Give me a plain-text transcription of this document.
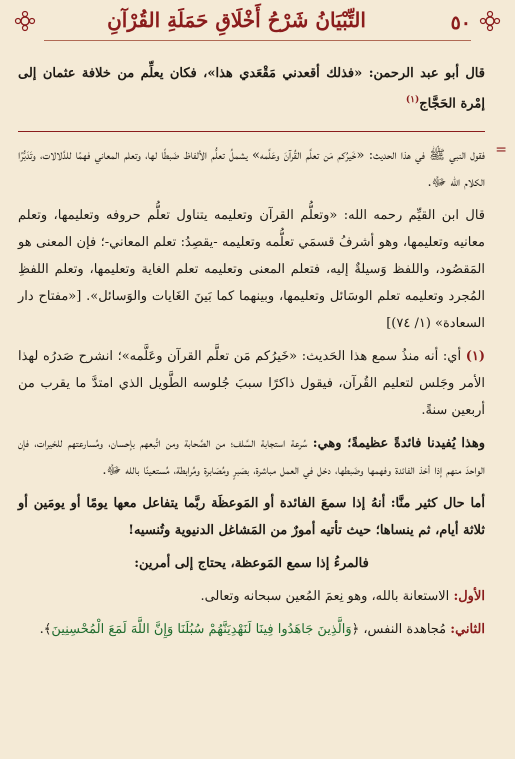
٥٠
التِّبْيَانُ شَرْحُ أَخْلَاقِ حَمَلَةِ القُرْآنِ

قال أبو عبد الرحمن: «فذلك أقعدني مَقْعَدي هذا»، فكان يعلِّم من خلافة عثمان إلى إمْرة الحَجَّاج$^{(١)}$

=

فقول النبي ﷺ في هذا الحديث: «خَيرُكم مَن تعلَّم القُرآنَ وعَلَّمه» يشملُ تعلُّم الألفاظ ضَبطًا لها، وتعلم المعاني فهمًا للدَّلالات، وتَدَبُّرًا الكلام الله ﷻ.

قال ابن القيِّم رحمه الله: «وتعلُّم القرآن وتعليمه يتناول تعلُّم حروفه وتعليمها، وتعلم معانيه وتعليمها، وهو أشرفُ قسمَي تعلُّمه وتعليمه -يقصِدُ: تعلم المعاني-؛ فإن المعنى هو المَقصُود، واللفظ وَسيلةٌ إليه، فتعلم المعنى وتعليمه تعلم الغاية وتعليمها، وتعلم اللفظِ المُجرد وتعليمه تعلم الوسَائل وتعليمها، وبينهما كما بَينَ الغَايات والوَسائل». [«مفتاح دار السعادة» (١/ ٧٤)]

(١) أي: أنه منذُ سمع هذا الحَديث: «خَيرُكم مَن تعلَّم القرآن وعَلَّمه»؛ انشرح صَدرُه لهذا الأمر وجَلس لتعليم القُرآن، فيقول ذاكرًا سببَ جُلوسه الطَّويل الذي امتدَّ ما يقرب من أربعين سنةً.

وهذا يُفيدنا فائدةً عظيمةً؛ وهي: سُرعة استجابة السَّلف؛ من الصَّحابة ومن اتَّبعهم بإحسان، ومُسارعتهم للخيرات، فإن الواحدَ منهم إذا أخذ الفائدة وفهمها وضَبطها، دخل في العمل مباشرة، بصَبرٍ ومُصَابرة ومُرابطة، مُستعينًا بالله ﷻ.

أما حال كثير منَّا: أنهُ إذا سمعَ الفائدة أو المَوعظَة ربَّما يتفاعل معها يومًا أو يومَين أو ثلاثة أيام، ثم ينساها؛ حيث تأتيه أمورٌ من المَشاغل الدنيوية وتُنسيه!

فالمرءُ إذا سمع المَوعظة، يحتاج إلى أمرين:

الأول: الاستعانة بالله، وهو نِعمَ المُعين سبحانه وتعالى.

الثاني: مُجاهدة النفس، ﴿وَالَّذِينَ جَاهَدُوا فِينَا لَنَهْدِيَنَّهُمْ سُبُلَنَا وَإِنَّ اللَّهَ لَمَعَ الْمُحْسِنِينَ﴾.
